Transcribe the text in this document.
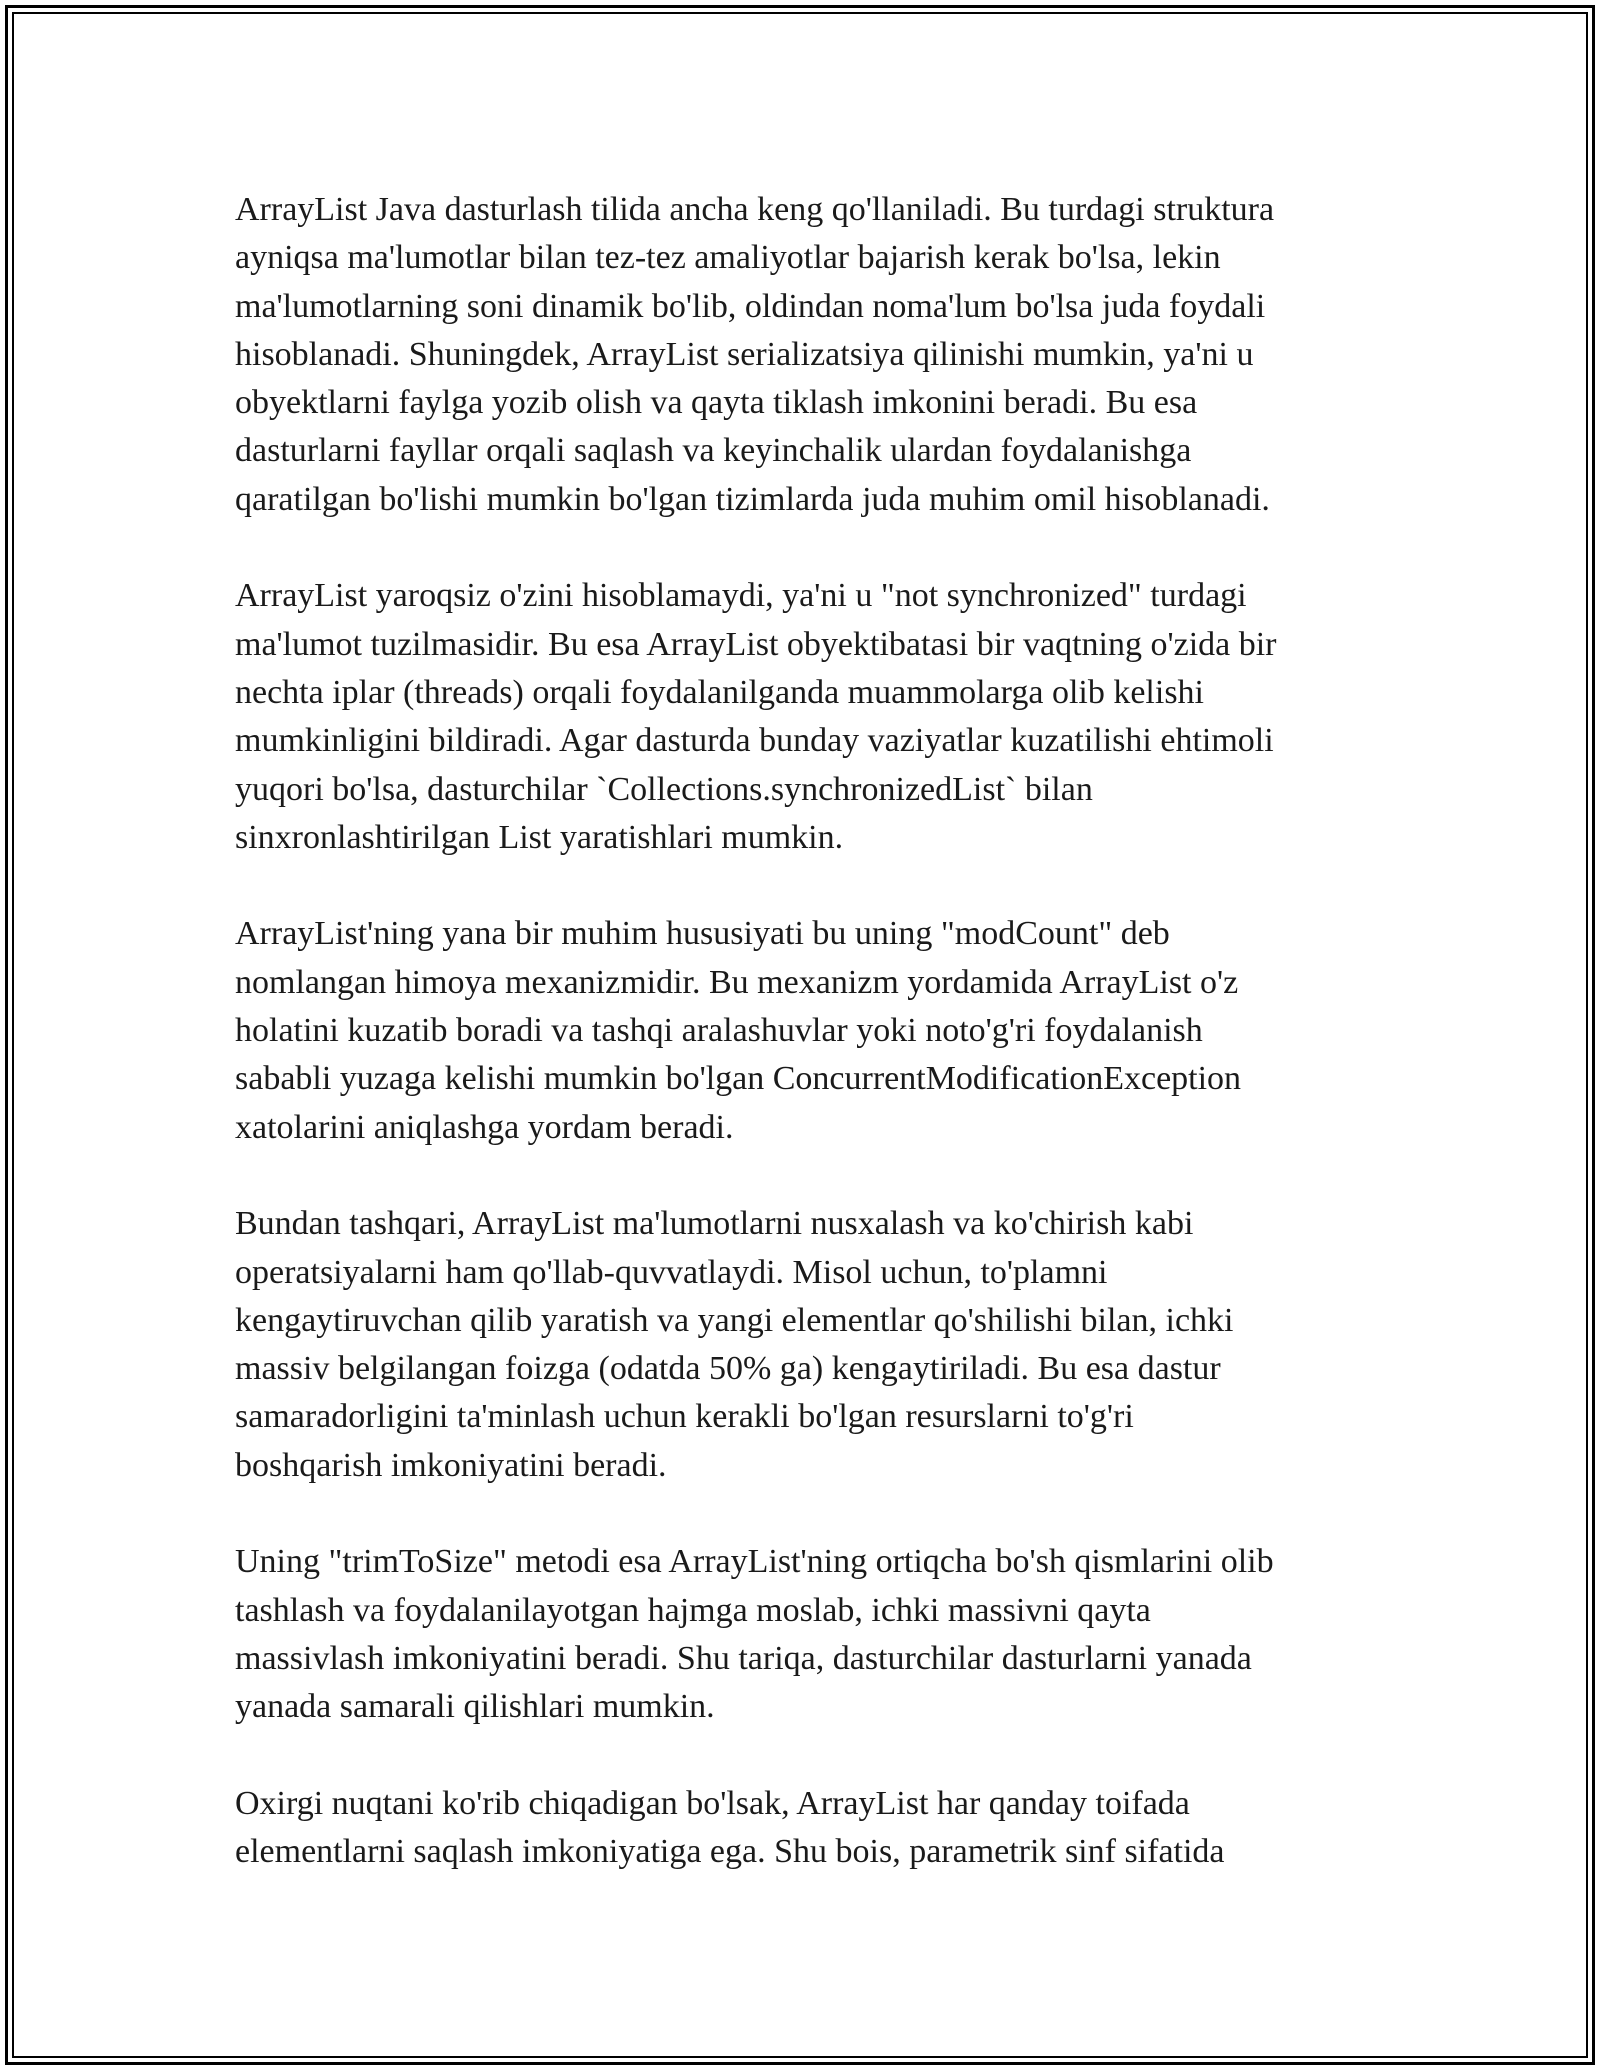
ArrayList Java dasturlash tilida ancha keng qo'llaniladi. Bu turdagi struktura
ayniqsa ma'lumotlar bilan tez-tez amaliyotlar bajarish kerak bo'lsa, lekin
ma'lumotlarning soni dinamik bo'lib, oldindan noma'lum bo'lsa juda foydali
hisoblanadi. Shuningdek, ArrayList serializatsiya qilinishi mumkin, ya'ni u
obyektlarni faylga yozib olish va qayta tiklash imkonini beradi. Bu esa
dasturlarni fayllar orqali saqlash va keyinchalik ulardan foydalanishga
qaratilgan bo'lishi mumkin bo'lgan tizimlarda juda muhim omil hisoblanadi.

ArrayList yaroqsiz o'zini hisoblamaydi, ya'ni u "not synchronized" turdagi
ma'lumot tuzilmasidir. Bu esa ArrayList obyektibatasi bir vaqtning o'zida bir
nechta iplar (threads) orqali foydalanilganda muammolarga olib kelishi
mumkinligini bildiradi. Agar dasturda bunday vaziyatlar kuzatilishi ehtimoli
yuqori bo'lsa, dasturchilar `Collections.synchronizedList` bilan
sinxronlashtirilgan List yaratishlari mumkin.

ArrayList'ning yana bir muhim hususiyati bu uning "modCount" deb
nomlangan himoya mexanizmidir. Bu mexanizm yordamida ArrayList o'z
holatini kuzatib boradi va tashqi aralashuvlar yoki noto'g'ri foydalanish
sababli yuzaga kelishi mumkin bo'lgan ConcurrentModificationException
xatolarini aniqlashga yordam beradi.

Bundan tashqari, ArrayList ma'lumotlarni nusxalash va ko'chirish kabi
operatsiyalarni ham qo'llab-quvvatlaydi. Misol uchun, to'plamni
kengaytiruvchan qilib yaratish va yangi elementlar qo'shilishi bilan, ichki
massiv belgilangan foizga (odatda 50% ga) kengaytiriladi. Bu esa dastur
samaradorligini ta'minlash uchun kerakli bo'lgan resurslarni to'g'ri
boshqarish imkoniyatini beradi.

Uning "trimToSize" metodi esa ArrayList'ning ortiqcha bo'sh qismlarini olib
tashlash va foydalanilayotgan hajmga moslab, ichki massivni qayta
massivlash imkoniyatini beradi. Shu tariqa, dasturchilar dasturlarni yanada
yanada samarali qilishlari mumkin.

Oxirgi nuqtani ko'rib chiqadigan bo'lsak, ArrayList har qanday toifada
elementlarni saqlash imkoniyatiga ega. Shu bois, parametrik sinf sifatida
